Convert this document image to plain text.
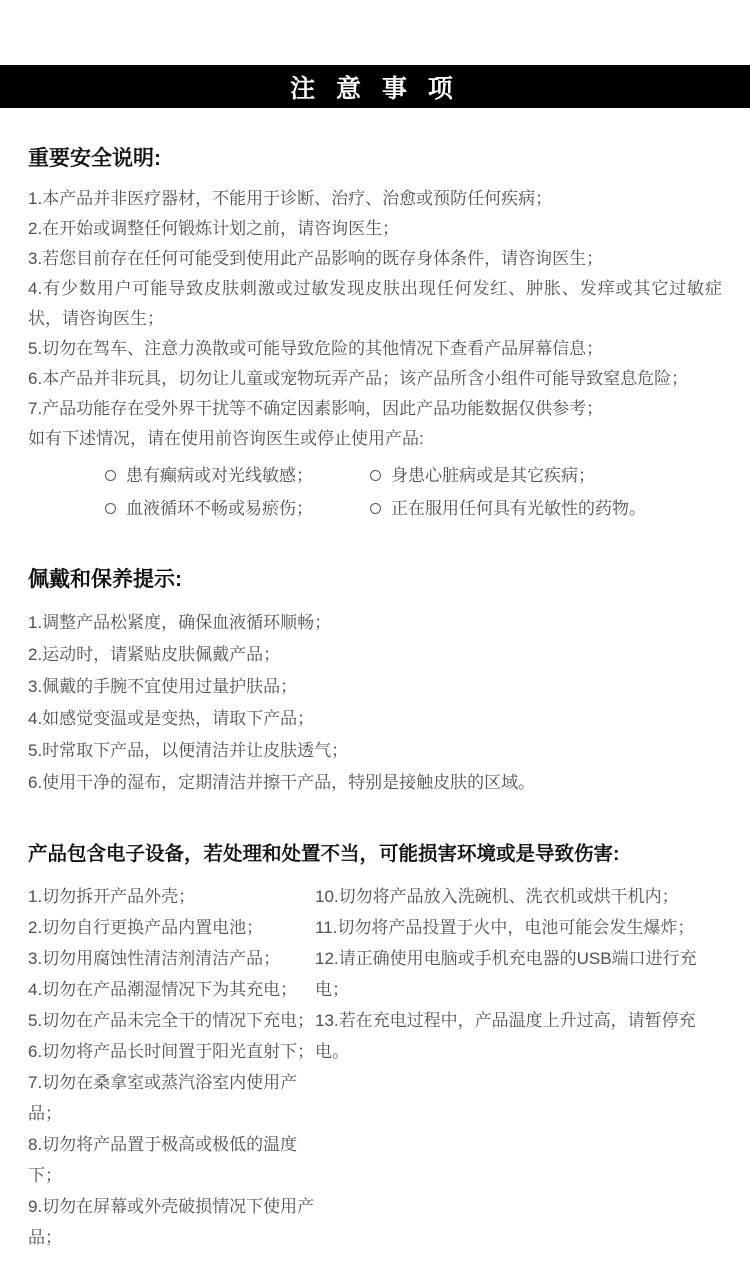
注 意 事 项
重要安全说明:

1.本产品并非医疗器材，不能用于诊断、治疗、治愈或预防任何疾病；

2.在开始或调整任何锻炼计划之前，请咨询医生；

3.若您目前存在任何可能受到使用此产品影响的既存身体条件，请咨询医生；

4.有少数用户可能导致皮肤刺激或过敏发现皮肤出现任何发红、肿胀、发痒或其它过敏症状，请咨询医生；

5.切勿在驾车、注意力涣散或可能导致危险的其他情况下查看产品屏幕信息；

6.本产品并非玩具，切勿让儿童或宠物玩弄产品；该产品所含小组件可能导致窒息危险；

7.产品功能存在受外界干扰等不确定因素影响，因此产品功能数据仅供参考；

如有下述情况，请在使用前咨询医生或停止使用产品:

患有癫病或对光线敏感；	身患心脏病或是其它疾病；
血液循环不畅或易瘀伤；	正在服用任何具有光敏性的药物。
佩戴和保养提示:

1.调整产品松紧度，确保血液循环顺畅；

2.运动时，请紧贴皮肤佩戴产品；

3.佩戴的手腕不宜使用过量护肤品；

4.如感觉变温或是变热，请取下产品；

5.时常取下产品，以便清洁并让皮肤透气；

6.使用干净的湿布，定期清洁并擦干产品，特别是接触皮肤的区域。

产品包含电子设备，若处理和处置不当，可能损害环境或是导致伤害:

1.切勿拆开产品外壳；

2.切勿自行更换产品内置电池；

3.切勿用腐蚀性清洁剂清洁产品；

4.切勿在产品潮湿情况下为其充电；

5.切勿在产品未完全干的情况下充电；

6.切勿将产品长时间置于阳光直射下；

7.切勿在桑拿室或蒸汽浴室内使用产品；

8.切勿将产品置于极高或极低的温度下；

9.切勿在屏幕或外壳破损情况下使用产品；

10.切勿将产品放入洗碗机、洗衣机或烘干机内；

11.切勿将产品投置于火中，电池可能会发生爆炸；

12.请正确使用电脑或手机充电器的USB端口进行充电；

13.若在充电过程中，产品温度上升过高，请暂停充电。
